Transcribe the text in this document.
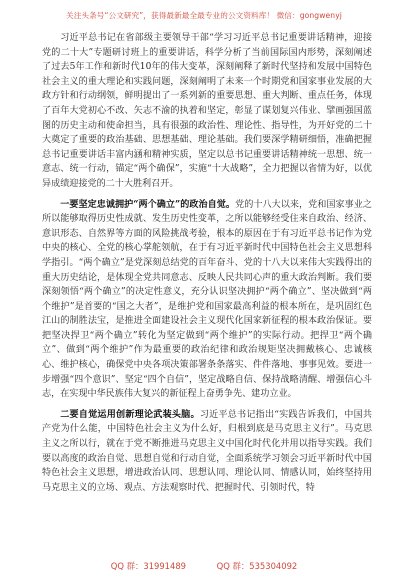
关注头条号“公文研究”，获得最新最全最专业的公文资料库！ 微信：gongwenyj

习近平总书记在省部级主要领导干部“学习习近平总书记重要讲话精神，迎接党的二十大”专题研讨班上的重要讲话，科学分析了当前国际国内形势，深刻阐述了过去5年工作和新时代10年的伟大变革，深刻阐释了新时代坚持和发展中国特色社会主义的重大理论和实践问题，深刻阐明了未来一个时期党和国家事业发展的大政方针和行动纲领，鲜明提出了一系列新的重要思想、重大判断、重点任务，体现了百年大党初心不改、矢志不渝的执着和坚定，彰显了谋划复兴伟业、擘画强国蓝图的历史主动和使命担当，具有很强的政治性、理论性、指导性，为开好党的二十大奠定了重要的政治基础、思想基础、理论基础。我们要深学精研细悟，准确把握总书记重要讲话丰富内涵和精神实质，坚定以总书记重要讲话精神统一思想、统一意志、统一行动，锚定“两个确保”，实施“十大战略”，全力把握以省情为好，以优异成绩迎接党的二十大胜利召开。

一要坚定忠诚拥护“两个确立”的政治自觉。党的十八大以来，党和国家事业之所以能够取得历史性成就、发生历史性变革，之所以能够经受住来自政治、经济、意识形态、自然界等方面的风险挑战考验，根本的原因在于有习近平总书记作为党中央的核心、全党的核心掌舵领航，在于有习近平新时代中国特色社会主义思想科学指引。“两个确立”是党深刻总结党的百年奋斗、党的十八大以来伟大实践得出的重大历史结论，是体现全党共同意志、反映人民共同心声的重大政治判断。我们要深刻领悟“两个确立”的决定性意义，充分认识坚决拥护“两个确立”、坚决做到“两个维护”是首要的“国之大者”，是维护党和国家最高利益的根本所在，是巩固红色江山的制胜法宝，是推进全面建设社会主义现代化国家新征程的根本政治保证。要把坚决捍卫“两个确立”转化为坚定做到“两个维护”的实际行动。把捍卫“两个确立”、做到“两个维护”作为最重要的政治纪律和政治规矩坚决拥戴核心、忠诚核心、维护核心，确保党中央各项决策部署条条落实、件件落地、事事见效。要进一步增强“四个意识”、坚定“四个自信”，坚定战略自信、保持战略清醒、增强信心斗志，在实现中华民族伟大复兴的新征程上奋勇争先、建功立业。

二要自觉运用创新理论武装头脑。习近平总书记指出“实践告诉我们，中国共产党为什么能，中国特色社会主义为什么好，归根到底是马克思主义行”。马克思主义之所以行，就在于党不断推进马克思主义中国化时代化并用以指导实践。我们要以高度的政治自觉、思想自觉和行动自觉，全面系统学习领会习近平新时代中国特色社会主义思想，增进政治认同、思想认同、理论认同、情感认同，始终坚持用马克思主义的立场、观点、方法观察时代、把握时代、引领时代，特

QQ 群：31991489	QQ 群：535304092
